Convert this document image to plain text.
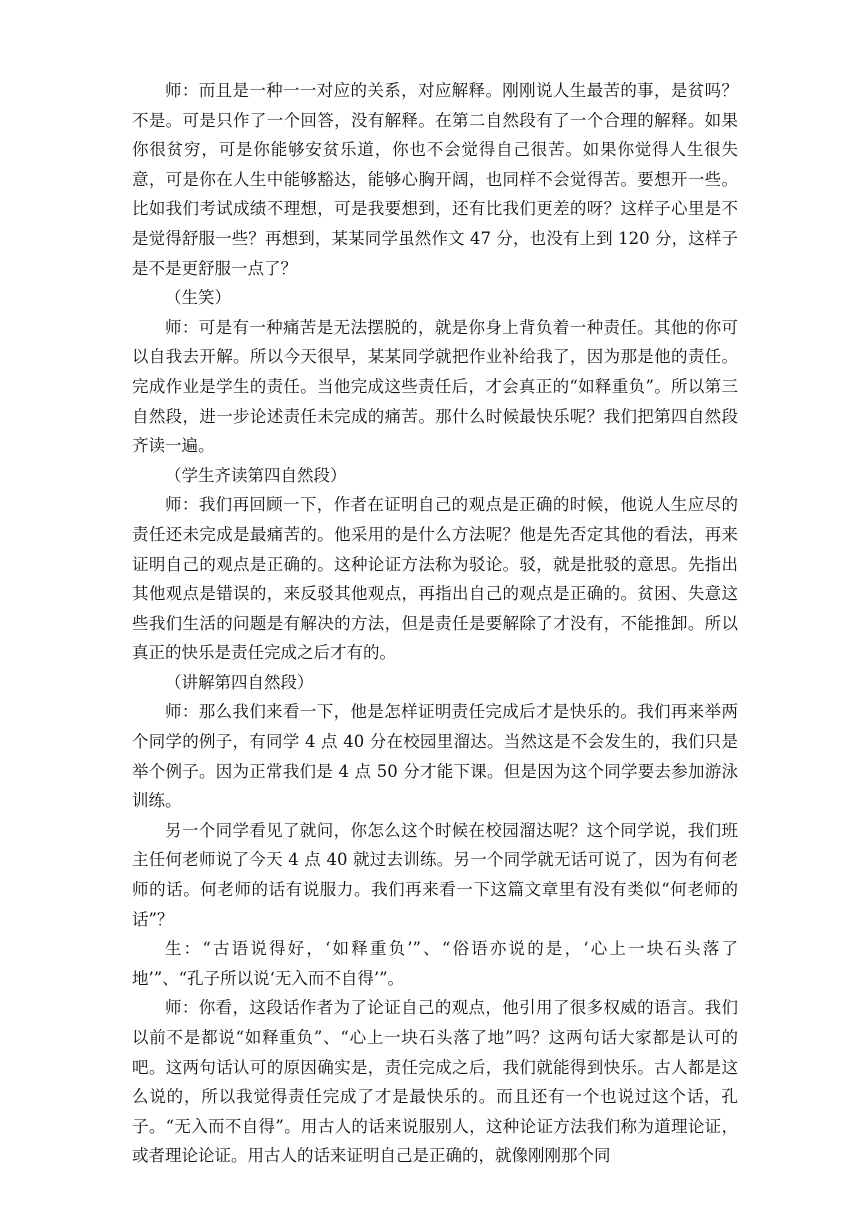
师：而且是一种一一对应的关系，对应解释。刚刚说人生最苦的事，是贫吗？不是。可是只作了一个回答，没有解释。在第二自然段有了一个合理的解释。如果你很贫穷，可是你能够安贫乐道，你也不会觉得自己很苦。如果你觉得人生很失意，可是你在人生中能够豁达，能够心胸开阔，也同样不会觉得苦。要想开一些。比如我们考试成绩不理想，可是我要想到，还有比我们更差的呀？这样子心里是不是觉得舒服一些？再想到，某某同学虽然作文 47 分，也没有上到 120 分，这样子是不是更舒服一点了？

（生笑）

师：可是有一种痛苦是无法摆脱的，就是你身上背负着一种责任。其他的你可以自我去开解。所以今天很早，某某同学就把作业补给我了，因为那是他的责任。完成作业是学生的责任。当他完成这些责任后，才会真正的“如释重负”。所以第三自然段，进一步论述责任未完成的痛苦。那什么时候最快乐呢？我们把第四自然段齐读一遍。

（学生齐读第四自然段）

师：我们再回顾一下，作者在证明自己的观点是正确的时候，他说人生应尽的责任还未完成是最痛苦的。他采用的是什么方法呢？他是先否定其他的看法，再来证明自己的观点是正确的。这种论证方法称为驳论。驳，就是批驳的意思。先指出其他观点是错误的，来反驳其他观点，再指出自己的观点是正确的。贫困、失意这些我们生活的问题是有解决的方法，但是责任是要解除了才没有，不能推卸。所以真正的快乐是责任完成之后才有的。

（讲解第四自然段）

师：那么我们来看一下，他是怎样证明责任完成后才是快乐的。我们再来举两个同学的例子，有同学 4 点 40 分在校园里溜达。当然这是不会发生的，我们只是举个例子。因为正常我们是 4 点 50 分才能下课。但是因为这个同学要去参加游泳训练。

另一个同学看见了就问，你怎么这个时候在校园溜达呢？这个同学说，我们班主任何老师说了今天 4 点 40 就过去训练。另一个同学就无话可说了，因为有何老师的话。何老师的话有说服力。我们再来看一下这篇文章里有没有类似“何老师的话”？

生：“古语说得好，‘如释重负’”、“俗语亦说的是，‘心上一块石头落了地’”、“孔子所以说‘无入而不自得’”。

师：你看，这段话作者为了论证自己的观点，他引用了很多权威的语言。我们以前不是都说“如释重负”、“心上一块石头落了地”吗？这两句话大家都是认可的吧。这两句话认可的原因确实是，责任完成之后，我们就能得到快乐。古人都是这么说的，所以我觉得责任完成了才是最快乐的。而且还有一个也说过这个话，孔子。“无入而不自得”。用古人的话来说服别人，这种论证方法我们称为道理论证，或者理论论证。用古人的话来证明自己是正确的，就像刚刚那个同
